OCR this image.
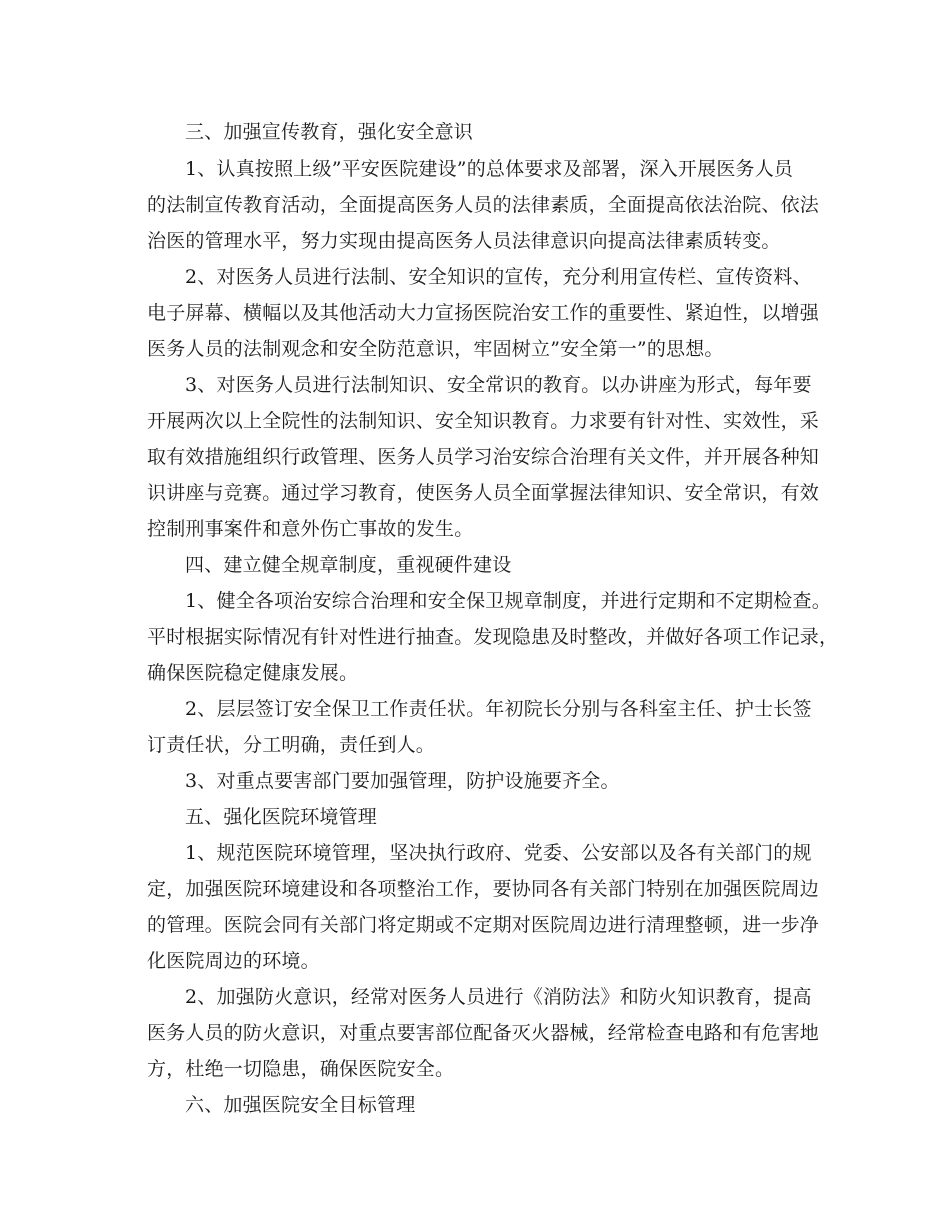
三、加强宣传教育，强化安全意识
1、认真按照上级”平安医院建设”的总体要求及部署，深入开展医务人员
的法制宣传教育活动，全面提高医务人员的法律素质，全面提高依法治院、依法
治医的管理水平，努力实现由提高医务人员法律意识向提高法律素质转变。
2、对医务人员进行法制、安全知识的宣传，充分利用宣传栏、宣传资料、
电子屏幕、横幅以及其他活动大力宣扬医院治安工作的重要性、紧迫性，以增强
医务人员的法制观念和安全防范意识，牢固树立”安全第一”的思想。
3、对医务人员进行法制知识、安全常识的教育。以办讲座为形式，每年要
开展两次以上全院性的法制知识、安全知识教育。力求要有针对性、实效性，采
取有效措施组织行政管理、医务人员学习治安综合治理有关文件，并开展各种知
识讲座与竞赛。通过学习教育，使医务人员全面掌握法律知识、安全常识，有效
控制刑事案件和意外伤亡事故的发生。
四、建立健全规章制度，重视硬件建设
1、健全各项治安综合治理和安全保卫规章制度，并进行定期和不定期检查。
平时根据实际情况有针对性进行抽查。发现隐患及时整改，并做好各项工作记录，
确保医院稳定健康发展。
2、层层签订安全保卫工作责任状。年初院长分别与各科室主任、护士长签
订责任状，分工明确，责任到人。
3、对重点要害部门要加强管理，防护设施要齐全。
五、强化医院环境管理
1、规范医院环境管理，坚决执行政府、党委、公安部以及各有关部门的规
定，加强医院环境建设和各项整治工作，要协同各有关部门特别在加强医院周边
的管理。医院会同有关部门将定期或不定期对医院周边进行清理整顿，进一步净
化医院周边的环境。
2、加强防火意识，经常对医务人员进行《消防法》和防火知识教育，提高
医务人员的防火意识，对重点要害部位配备灭火器械，经常检查电路和有危害地
方，杜绝一切隐患，确保医院安全。
六、加强医院安全目标管理
